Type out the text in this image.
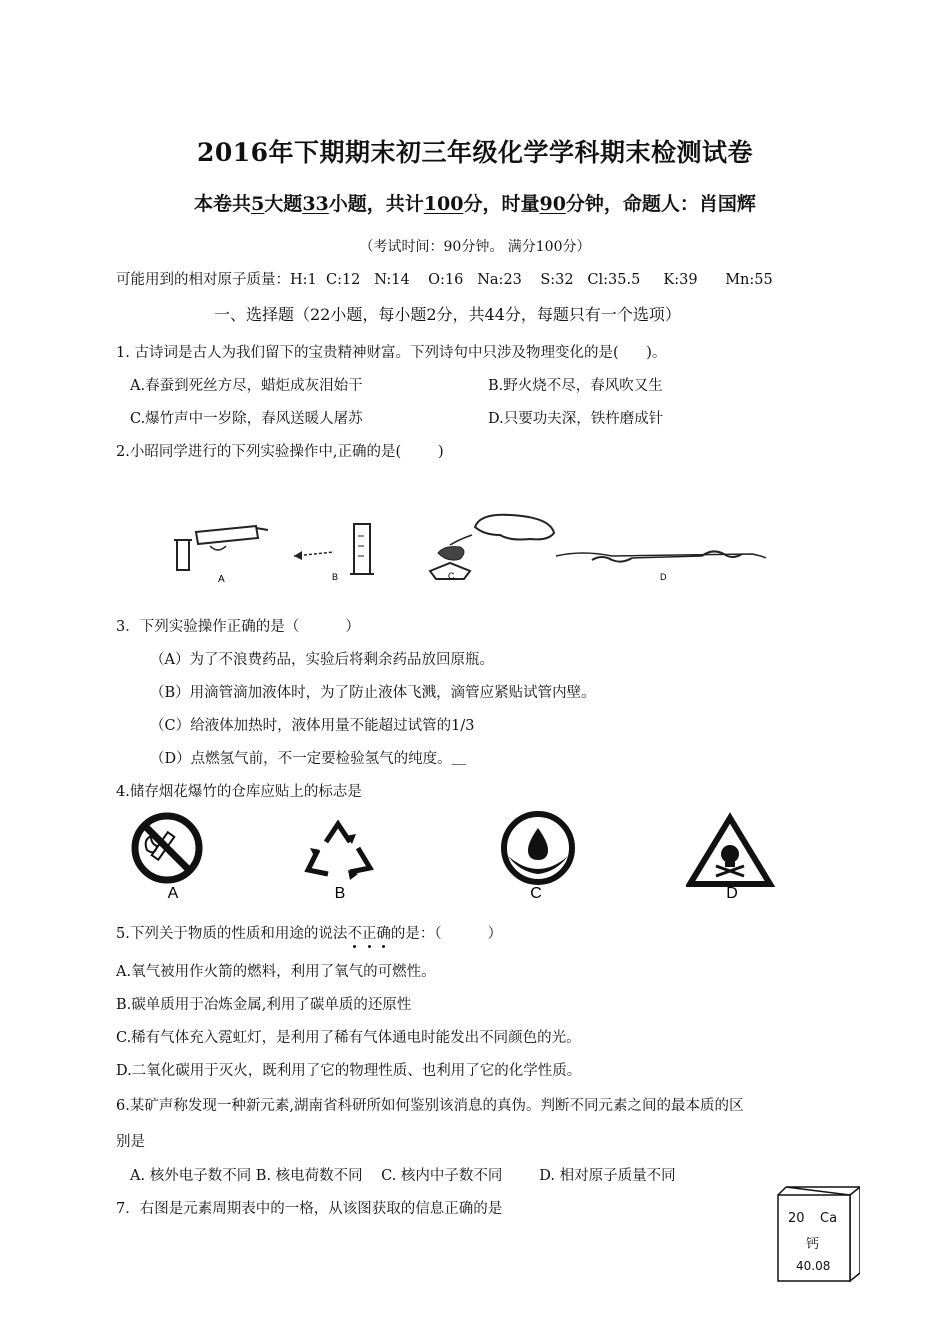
2016年下期期末初三年级化学学科期末检测试卷
本卷共5大题33小题，共计100分，时量90分钟，命题人：肖国辉
（考试时间：90分钟。 满分100分）
可能用到的相对原子质量：H:1  C:12   N:14    O:16   Na:23    S:32   Cl:35.5     K:39      Mn:55
一、选择题（22小题，每小题2分，共44分，每题只有一个选项）
1. 古诗词是古人为我们留下的宝贵精神财富。下列诗句中只涉及物理变化的是(      )。
A.春蚕到死丝方尽，蜡炬成灰泪始干	B.野火烧不尽，春风吹又生
C.爆竹声中一岁除，春风送暖人屠苏	D.只要功夫深，铁杵磨成针
2.小昭同学进行的下列实验操作中,正确的是(        )
A	B	C	D
3．下列实验操作正确的是（          ）
（A）为了不浪费药品，实验后将剩余药品放回原瓶。
（B）用滴管滴加液体时，为了防止液体飞溅，滴管应紧贴试管内壁。
（C）给液体加热时，液体用量不能超过试管的1/3
（D）点燃氢气前，不一定要检验氢气的纯度。＿
4.储存烟花爆竹的仓库应贴上的标志是
A	B	C	D
5.下列关于物质的性质和用途的说法不正确的是：（          ）
A.氧气被用作火箭的燃料，利用了氧气的可燃性。
B.碳单质用于冶炼金属,利用了碳单质的还原性
C.稀有气体充入霓虹灯，是利用了稀有气体通电时能发出不同颜色的光。
D.二氧化碳用于灭火，既利用了它的物理性质、也利用了它的化学性质。
6.某矿声称发现一种新元素,湖南省科研所如何鉴别该消息的真伪。判断不同元素之间的最本质的区
别是
A. 核外电子数不同 B. 核电荷数不同    C. 核内中子数不同        D. 相对原子质量不同
7．右图是元素周期表中的一格，从该图获取的信息正确的是
20 Ca
钙
40.08
